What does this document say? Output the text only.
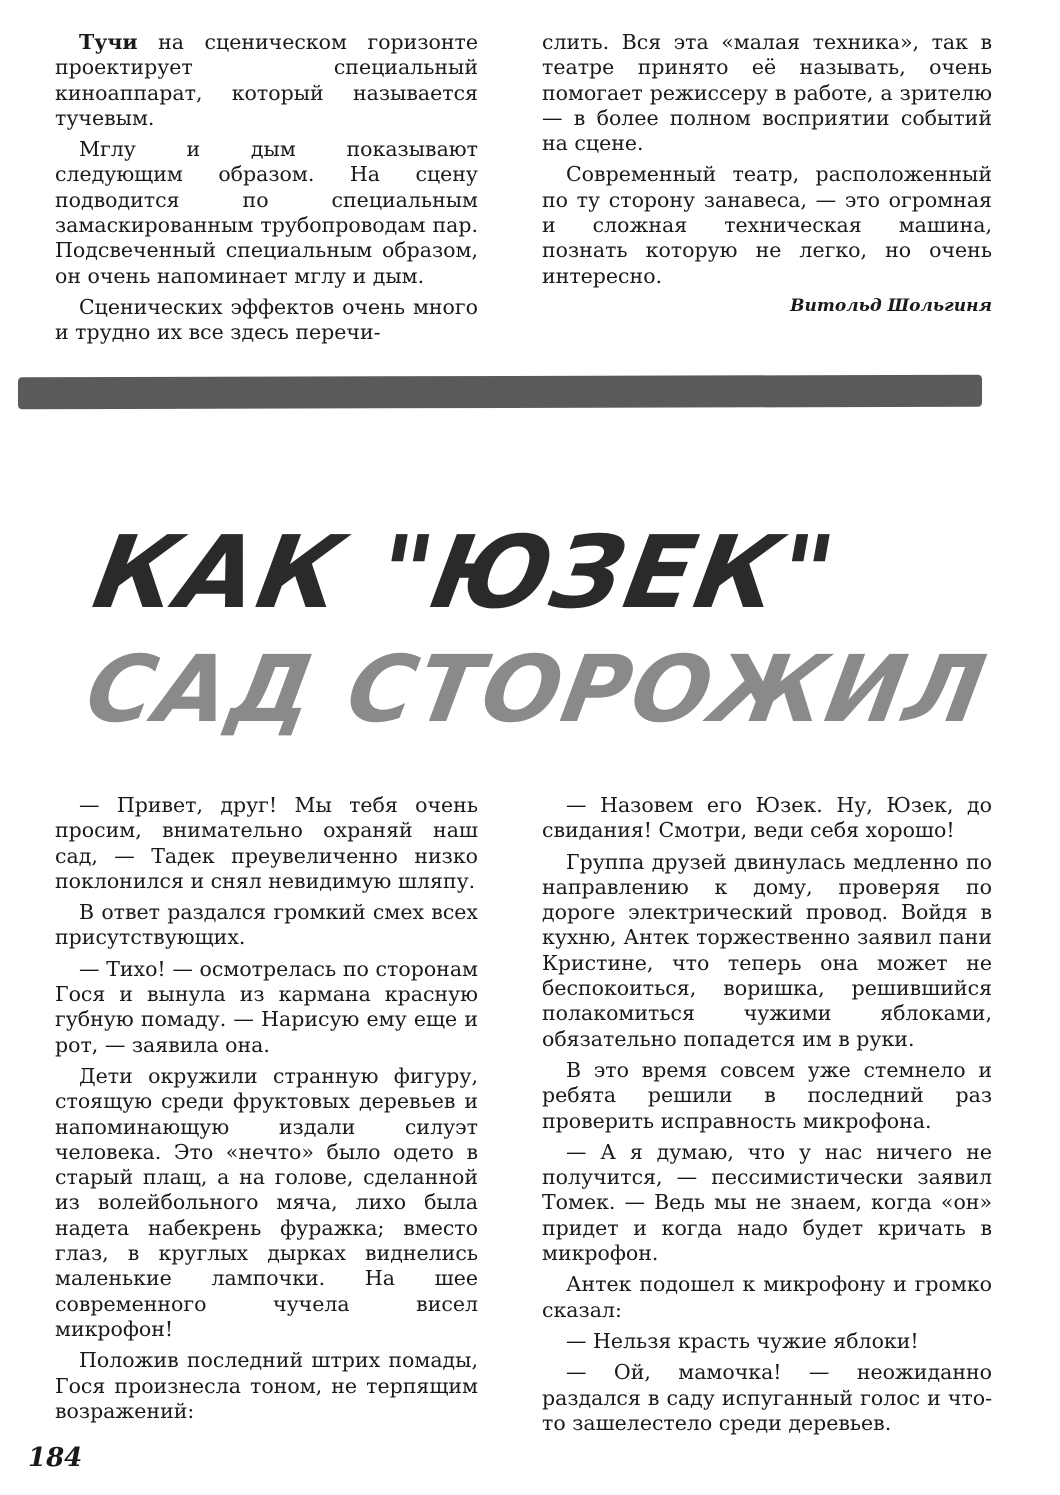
Тучи на сценическом горизонте проектирует специальный киноаппарат, который называется тучевым.

Мглу и дым показывают следующим образом. На сцену подводится по специальным замаскированным трубопроводам пар. Подсвеченный специальным образом, он очень напоминает мглу и дым.

Сценических эффектов очень много и трудно их все здесь перечи-

слить. Вся эта «малая техника», так в театре принято её называть, очень помогает режиссеру в работе, а зрителю — в более полном восприятии событий на сцене.

Современный театр, расположенный по ту сторону занавеса, — это огромная и сложная техническая машина, познать которую не легко, но очень интересно.

Витольд Шольгиня

КАК "ЮЗЕК"
САД СТОРОЖИЛ

— Привет, друг! Мы тебя очень просим, внимательно охраняй наш сад, — Тадек преувеличенно низко поклонился и снял невидимую шляпу.

В ответ раздался громкий смех всех присутствующих.

— Тихо! — осмотрелась по сторонам Гося и вынула из кармана красную губную помаду. — Нарисую ему еще и рот, — заявила она.

Дети окружили странную фигуру, стоящую среди фруктовых деревьев и напоминающую издали силуэт человека. Это «нечто» было одето в старый плащ, а на голове, сделанной из волейбольного мяча, лихо была надета набекрень фуражка; вместо глаз, в круглых дырках виднелись маленькие лампочки. На шее современного чучела висел микрофон!

Положив последний штрих помады, Гося произнесла тоном, не терпящим возражений:

— Назовем его Юзек. Ну, Юзек, до свидания! Смотри, веди себя хорошо!

Группа друзей двинулась медленно по направлению к дому, проверяя по дороге электрический провод. Войдя в кухню, Антек торжественно заявил пани Кристине, что теперь она может не беспокоиться, воришка, решившийся полакомиться чужими яблоками, обязательно попадется им в руки.

В это время совсем уже стемнело и ребята решили в последний раз проверить исправность микрофона.

— А я думаю, что у нас ничего не получится, — пессимистически заявил Томек. — Ведь мы не знаем, когда «он» придет и когда надо будет кричать в микрофон.

Антек подошел к микрофону и громко сказал:

— Нельзя красть чужие яблоки!

— Ой, мамочка! — неожиданно раздался в саду испуганный голос и что-то зашелестело среди деревьев.

184
